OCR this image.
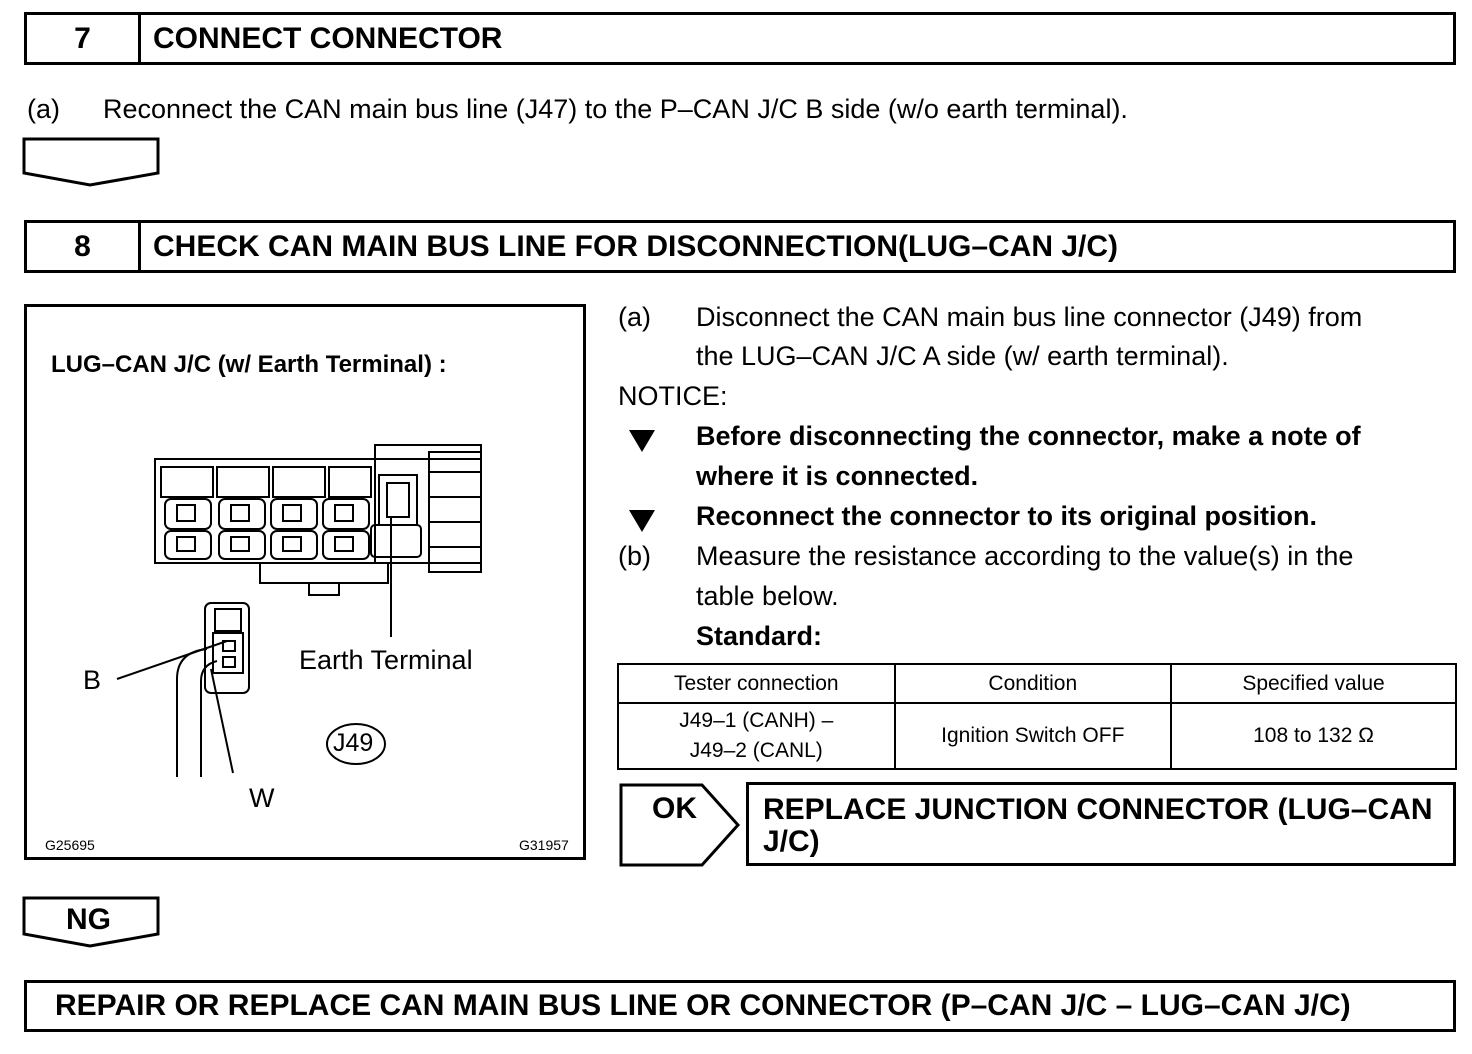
7	CONNECT CONNECTOR
(a) Reconnect the CAN main bus line (J47) to the P–CAN J/C B side (w/o earth terminal).
8	CHECK CAN MAIN BUS LINE FOR DISCONNECTION(LUG–CAN J/C)
LUG–CAN J/C (w/ Earth Terminal) :
Earth Terminal
B
W
J49
G25695	G31957
(a) Disconnect the CAN main bus line connector (J49) from
the LUG–CAN J/C A side (w/ earth terminal).
NOTICE:
Before disconnecting the connector, make a note of
where it is connected.
Reconnect the connector to its original position.
(b) Measure the resistance according to the value(s) in the
table below.
Standard:
Tester connection	Condition	Specified value

J49–1 (CANH) –
J49–2 (CANL)	Ignition Switch OFF	108 to 132 Ω
OK REPLACE JUNCTION CONNECTOR (LUG–CAN
J/C)
NG
REPAIR OR REPLACE CAN MAIN BUS LINE OR CONNECTOR (P–CAN J/C – LUG–CAN J/C)
